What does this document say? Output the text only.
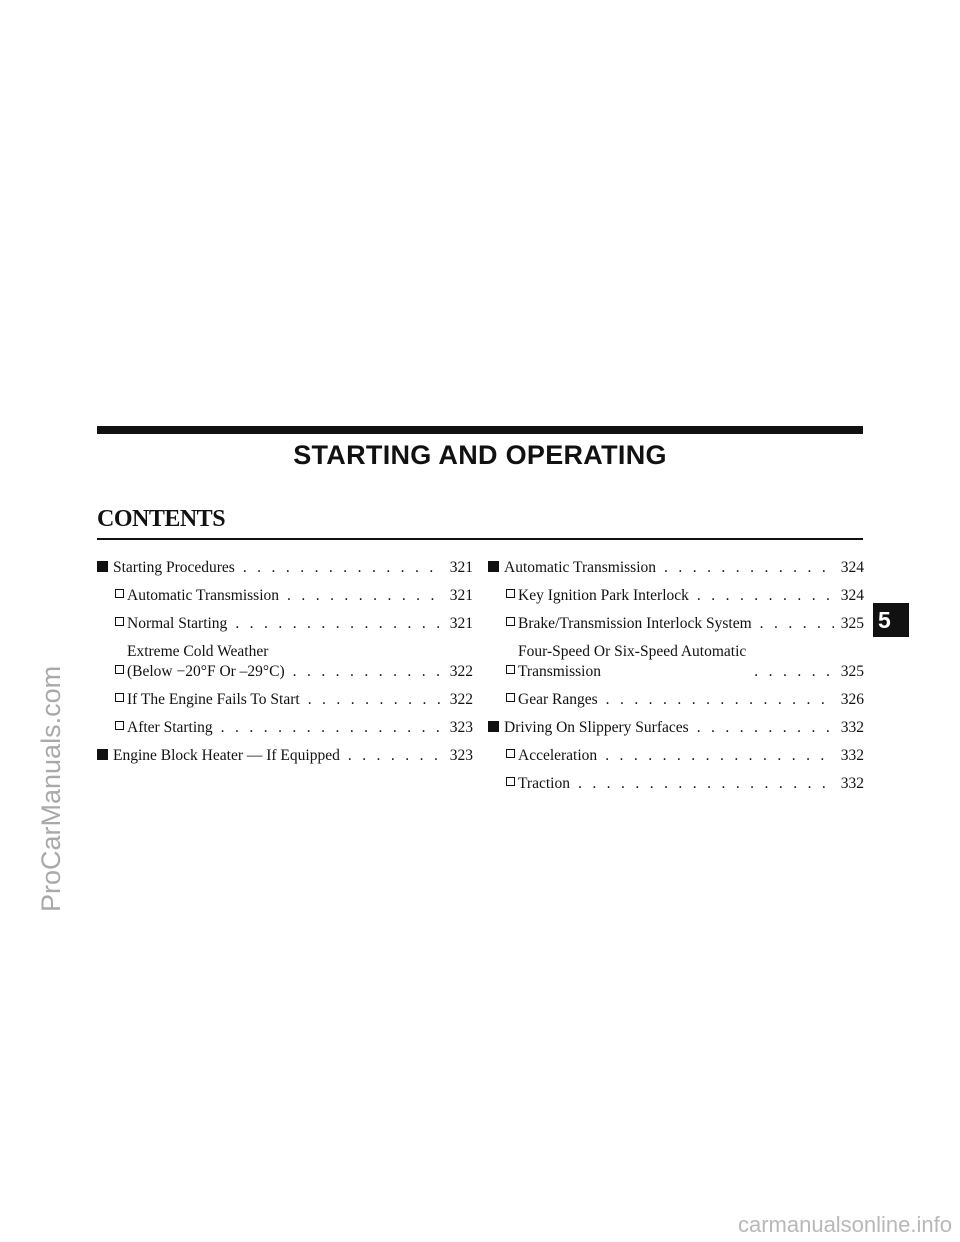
ProCarManuals.com
STARTING AND OPERATING
CONTENTS
Starting Procedures . . .	321
Automatic Transmission . . .	321
Normal Starting . . .	321
Extreme Cold Weather
(Below −20°F Or –29°C) . . .	322
If The Engine Fails To Start . . .	322
After Starting . . .	323
Engine Block Heater — If Equipped . . .	323
Automatic Transmission . . .	324
Key Ignition Park Interlock . . .	324
Brake/Transmission Interlock System . . .	325
Four-Speed Or Six-Speed Automatic
Transmission . . .	325
Gear Ranges . . .	326
Driving On Slippery Surfaces . . .	332
Acceleration . . .	332
Traction . . .	332
5
carmanualsonline.info
